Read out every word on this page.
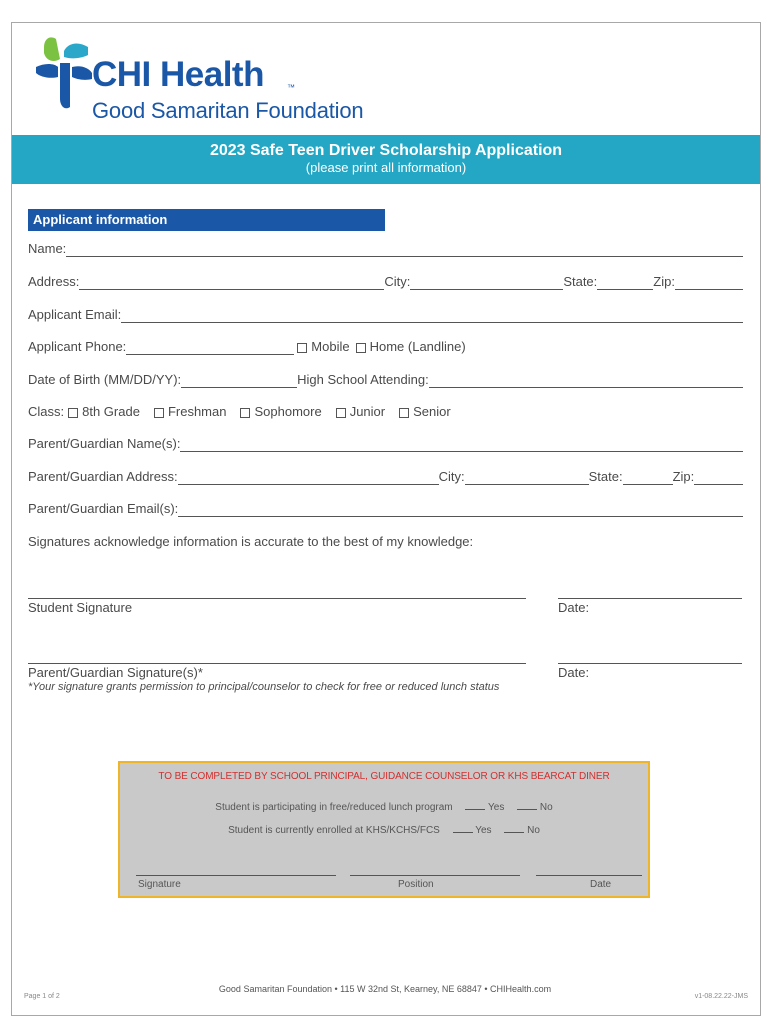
CHI Health	™
Good Samaritan Foundation
2023 Safe Teen Driver Scholarship Application
(please print all information)
Applicant information
Name:
Address:	City:	State:	Zip:
Applicant Email:
Applicant Phone:	Mobile Home (Landline)
Date of Birth (MM/DD/YY):	High School Attending:
Class: 8th Grade Freshman Sophomore Junior Senior
Parent/Guardian Name(s):
Parent/Guardian Address:	City:	State:	Zip:
Parent/Guardian Email(s):
Signatures acknowledge information is accurate to the best of my knowledge:
Student Signature	Date:
Parent/Guardian Signature(s)*	Date:
*Your signature grants permission to principal/counselor to check for free or reduced lunch status
TO BE COMPLETED BY SCHOOL PRINCIPAL, GUIDANCE COUNSELOR OR KHS BEARCAT DINER
Student is participating in free/reduced lunch program	Yes	No
Student is currently enrolled at KHS/KCHS/FCS	Yes	No
Signature	Position	Date
Good Samaritan Foundation • 115 W 32nd St, Kearney, NE 68847 • CHIHealth.com
Page 1 of 2	v1-08.22.22-JMS
